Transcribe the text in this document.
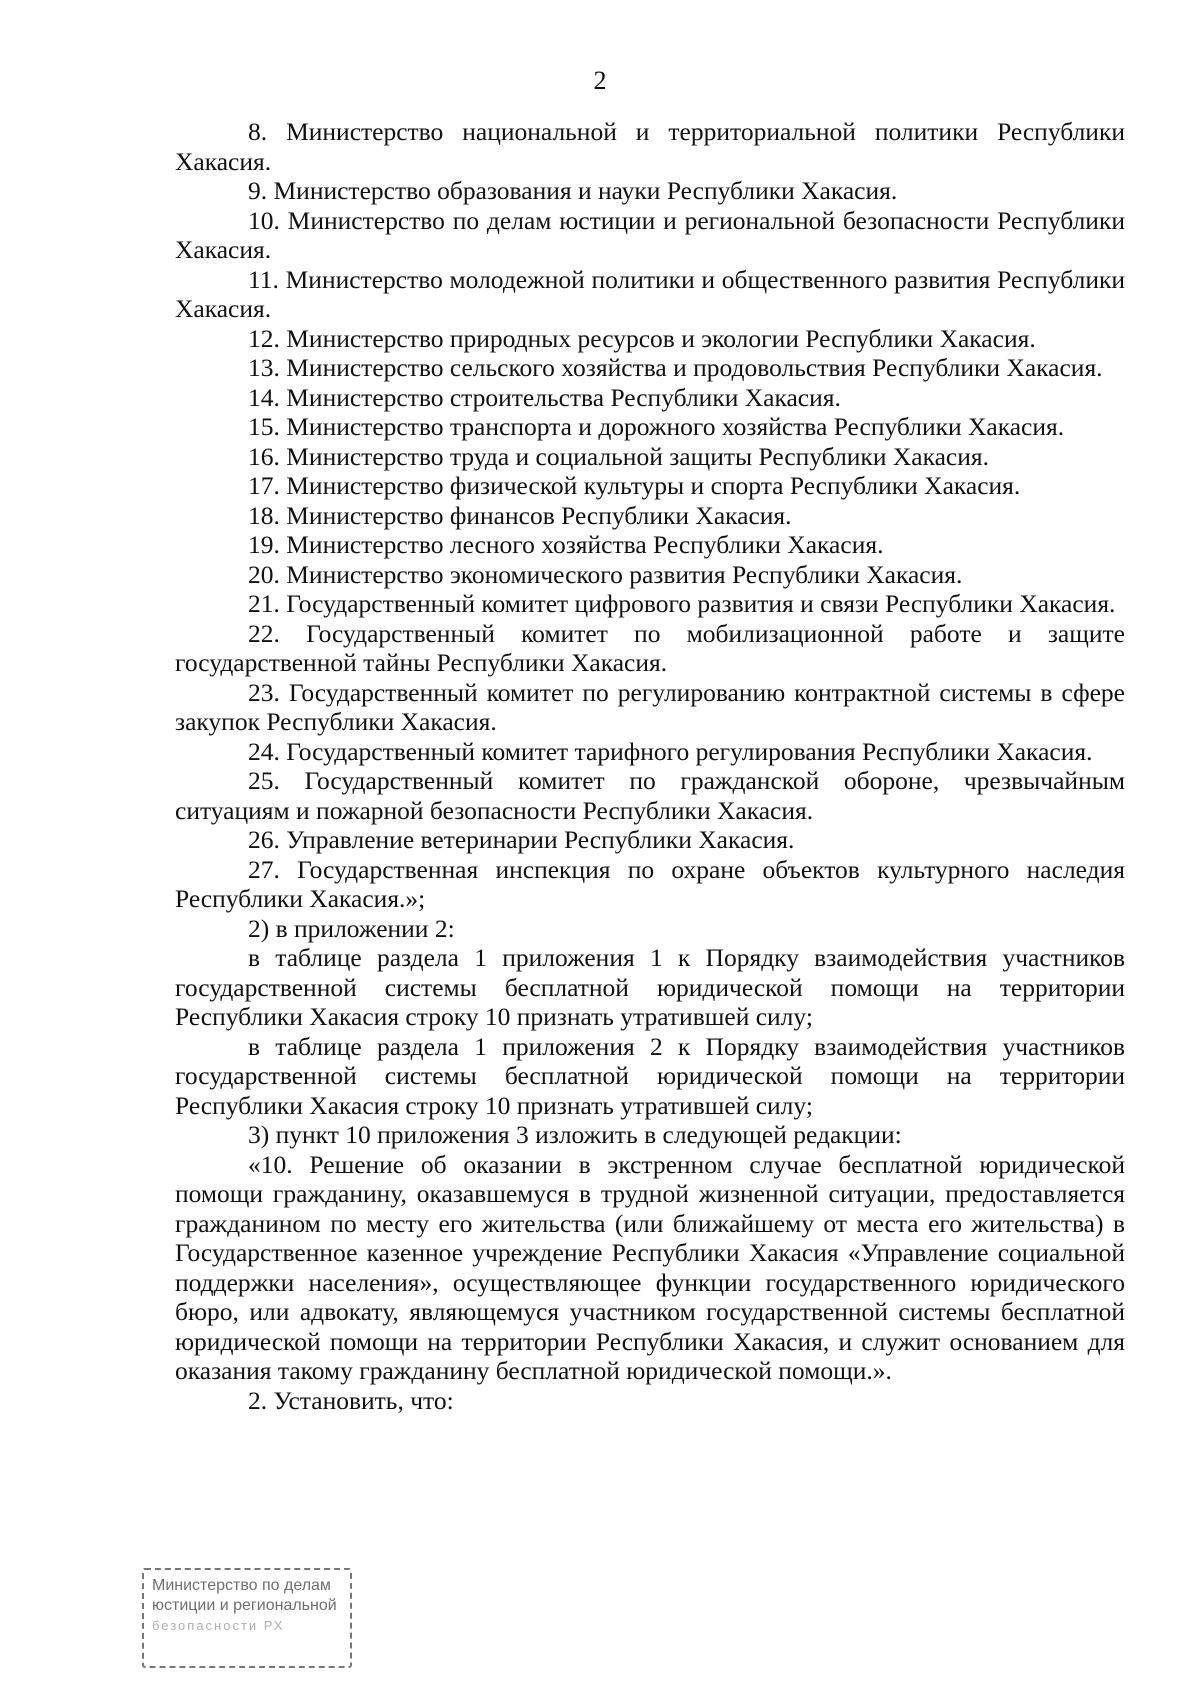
2

8. Министерство национальной и территориальной политики Республики Хакасия.

9. Министерство образования и науки Республики Хакасия.

10. Министерство по делам юстиции и региональной безопасности Республики Хакасия.

11. Министерство молодежной политики и общественного развития Республики Хакасия.

12. Министерство природных ресурсов и экологии Республики Хакасия.

13. Министерство сельского хозяйства и продовольствия Республики Хакасия.

14. Министерство строительства Республики Хакасия.

15. Министерство транспорта и дорожного хозяйства Республики Хакасия.

16. Министерство труда и социальной защиты Республики Хакасия.

17. Министерство физической культуры и спорта Республики Хакасия.

18. Министерство финансов Республики Хакасия.

19. Министерство лесного хозяйства Республики Хакасия.

20. Министерство экономического развития Республики Хакасия.

21. Государственный комитет цифрового развития и связи Республики Хакасия.

22. Государственный комитет по мобилизационной работе и защите государственной тайны Республики Хакасия.

23. Государственный комитет по регулированию контрактной системы в сфере закупок Республики Хакасия.

24. Государственный комитет тарифного регулирования Республики Хакасия.

25. Государственный комитет по гражданской обороне, чрезвычайным ситуациям и пожарной безопасности Республики Хакасия.

26. Управление ветеринарии Республики Хакасия.

27. Государственная инспекция по охране объектов культурного наследия Республики Хакасия.»;

2) в приложении 2:

в таблице раздела 1 приложения 1 к Порядку взаимодействия участников государственной системы бесплатной юридической помощи на территории Республики Хакасия строку 10 признать утратившей силу;

в таблице раздела 1 приложения 2 к Порядку взаимодействия участников государственной системы бесплатной юридической помощи на территории Республики Хакасия строку 10 признать утратившей силу;

3) пункт 10 приложения 3 изложить в следующей редакции:

«10. Решение об оказании в экстренном случае бесплатной юридической помощи гражданину, оказавшемуся в трудной жизненной ситуации, предоставляется гражданином по месту его жительства (или ближайшему от места его жительства) в Государственное казенное учреждение Республики Хакасия «Управление социальной поддержки населения», осуществляющее функции государственного юридического бюро, или адвокату, являющемуся участником государственной системы бесплатной юридической помощи на территории Республики Хакасия, и служит основанием для оказания такому гражданину бесплатной юридической помощи.».

2. Установить, что:

Министерство по делам
юстиции и региональной
безопасности РХ
